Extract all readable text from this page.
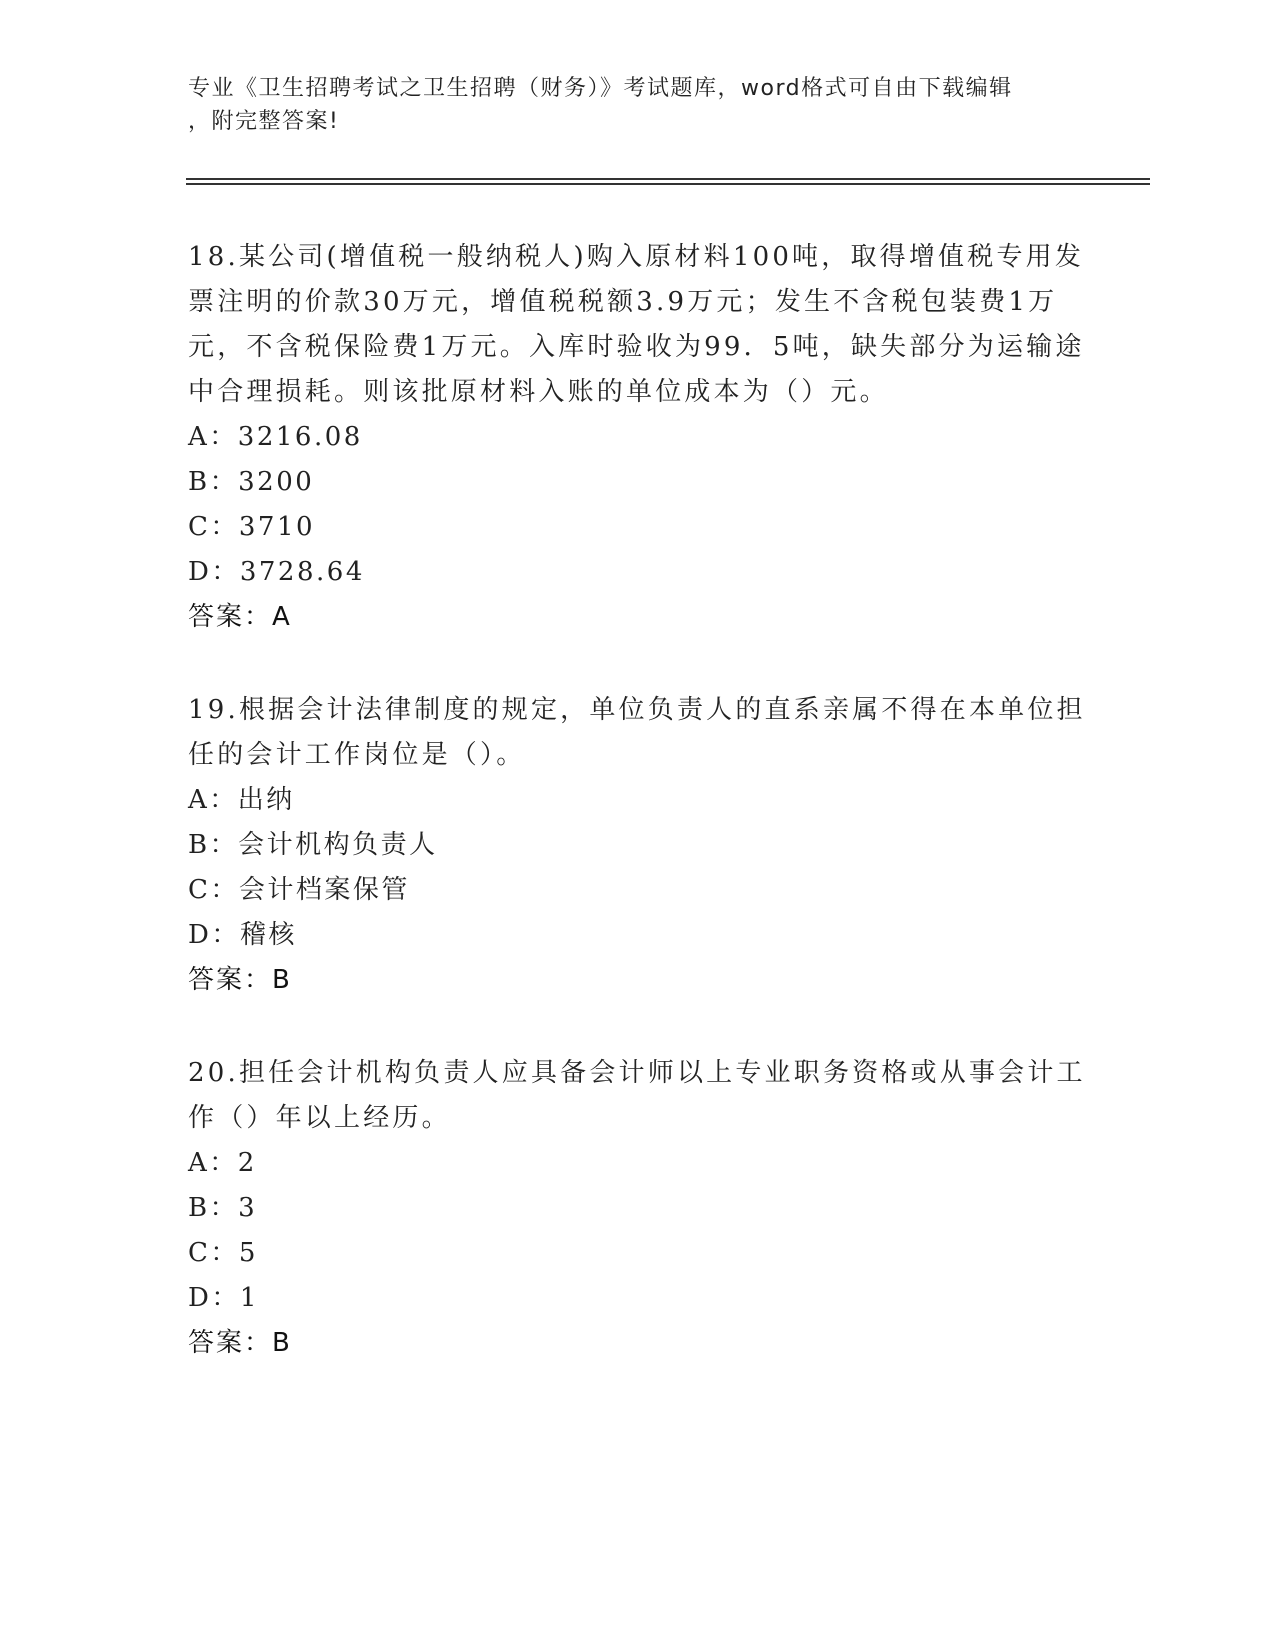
专业《卫生招聘考试之卫生招聘（财务）》考试题库，word格式可自由下载编辑
，附完整答案!
18.某公司(增值税一般纳税人)购入原材料100吨，取得增值税专用发票注明的价款30万元，增值税税额3.9万元；发生不含税包装费1万元，不含税保险费1万元。入库时验收为99．5吨，缺失部分为运输途中合理损耗。则该批原材料入账的单位成本为（）元。
A：3216.08
B：3200
C：3710
D：3728.64
答案：A
19.根据会计法律制度的规定，单位负责人的直系亲属不得在本单位担任的会计工作岗位是（）。
A：出纳
B：会计机构负责人
C：会计档案保管
D：稽核
答案：B
20.担任会计机构负责人应具备会计师以上专业职务资格或从事会计工作（）年以上经历。
A：2
B：3
C：5
D：1
答案：B
